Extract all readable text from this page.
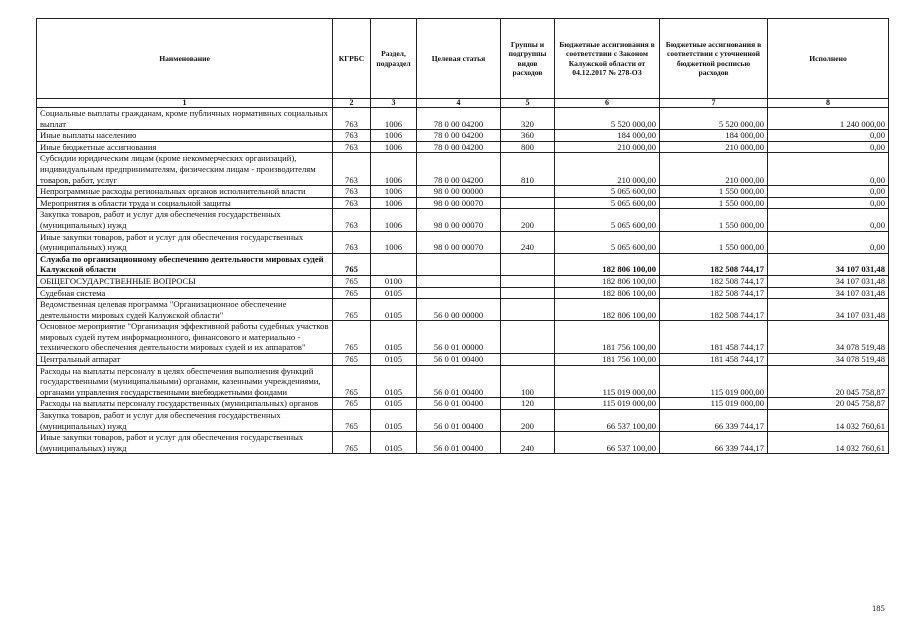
Наименование	КГРБС	Раздел, подраздел	Целевая статья	Группы и подгруппы видов расходов	Бюджетные ассигнования в соответствии с Законом Калужской области от 04.12.2017 № 278-ОЗ	Бюджетные ассигнования в соответствии с уточненной бюджетной росписью расходов	Исполнено
1	2	3	4	5	6	7	8
Социальные выплаты гражданам, кроме публичных нормативных социальных выплат	763	1006	78 0 00 04200	320	5 520 000,00	5 520 000,00	1 240 000,00
Иные выплаты населению	763	1006	78 0 00 04200	360	184 000,00	184 000,00	0,00
Иные бюджетные ассигнования	763	1006	78 0 00 04200	800	210 000,00	210 000,00	0,00
Субсидии юридическим лицам (кроме некоммерческих организаций), индивидуальным предпринимателям, физическим лицам - производителям товаров, работ, услуг	763	1006	78 0 00 04200	810	210 000,00	210 000,00	0,00
Непрограммные расходы региональных органов исполнительной власти	763	1006	98 0 00 00000		5 065 600,00	1 550 000,00	0,00
Мероприятия в области труда и социальной защиты	763	1006	98 0 00 00070		5 065 600,00	1 550 000,00	0,00
Закупка товаров, работ и услуг для обеспечения государственных (муниципальных) нужд	763	1006	98 0 00 00070	200	5 065 600,00	1 550 000,00	0,00
Иные закупки товаров, работ и услуг для обеспечения государственных (муниципальных) нужд	763	1006	98 0 00 00070	240	5 065 600,00	1 550 000,00	0,00
Служба по организационному обеспечению деятельности мировых судей Калужской области	765				182 806 100,00	182 508 744,17	34 107 031,48
ОБЩЕГОСУДАРСТВЕННЫЕ ВОПРОСЫ	765	0100			182 806 100,00	182 508 744,17	34 107 031,48
Судебная система	765	0105			182 806 100,00	182 508 744,17	34 107 031,48
Ведомственная целевая программа "Организационное обеспечение деятельности мировых судей Калужской области"	765	0105	56 0 00 00000		182 806 100,00	182 508 744,17	34 107 031,48
Основное мероприятие "Организация эффективной работы судебных участков мировых судей путем информационного, финансового и материально - технического обеспечения деятельности мировых судей и их аппаратов"	765	0105	56 0 01 00000		181 756 100,00	181 458 744,17	34 078 519,48
Центральный аппарат	765	0105	56 0 01 00400		181 756 100,00	181 458 744,17	34 078 519,48
Расходы на выплаты персоналу в целях обеспечения выполнения функций государственными (муниципальными) органами, казенными учреждениями, органами управления государственными внебюджетными фондами	765	0105	56 0 01 00400	100	115 019 000,00	115 019 000,00	20 045 758,87
Расходы на выплаты персоналу государственных (муниципальных) органов	765	0105	56 0 01 00400	120	115 019 000,00	115 019 000,00	20 045 758,87
Закупка товаров, работ и услуг для обеспечения государственных (муниципальных) нужд	765	0105	56 0 01 00400	200	66 537 100,00	66 339 744,17	14 032 760,61
Иные закупки товаров, работ и услуг для обеспечения государственных (муниципальных) нужд	765	0105	56 0 01 00400	240	66 537 100,00	66 339 744,17	14 032 760,61
185
